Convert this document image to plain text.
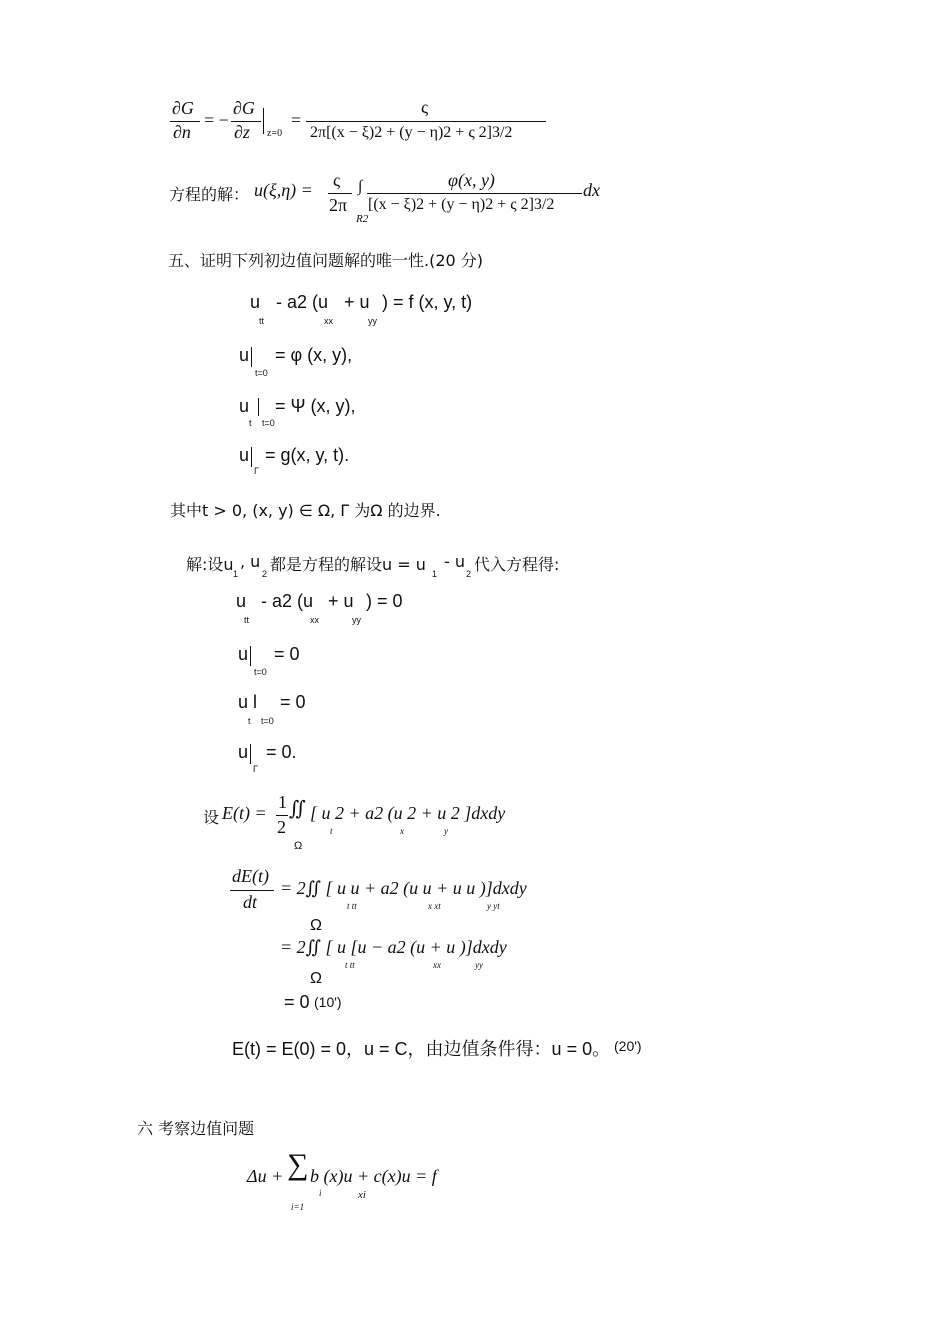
∂G
∂n
= −
∂G
∂z z=0
=
ς
2π[(x − ξ)2 + (y − η)2 + ς 2]3/2
方程的解： u(ξ,η) = ς
2π
∫
R2
φ(x, y)
[(x − ξ)2 + (y − η)2 + ς 2]3/2
dx
五、证明下列初边值问题解的唯一性.(20 分)
u - a2 (u + u ) = f (x, y, t)
tt	xx	yy
u = φ (x, y),
t=0
u = Ψ (x, y),
t t=0
u = g(x, y, t).
Γ
其中t > 0, (x, y) ∈ Ω, Γ 为Ω 的边界.
解:设u 1
, u
2 都是方程的解设u = u 1
- u
2 代入方程得:
u - a2 (u + u ) = 0
tt	xx	yy
u = 0
t=0
u l = 0
t t=0
u = 0.
Γ
设 E(t) =
1
2
∬ [ u 2 + a2 (u 2 + u 2 ]dxdy
t	x	y
Ω
dE(t)
dt
= 2∬ [ u u + a2 (u u + u u )]dxdy
t tt	x xt	y yt
Ω
= 2∬ [ u [u − a2 (u + u )]dxdy
t tt	xx	yy
Ω
= 0 (10')
E(t) = E(0) = 0，u = C，由边值条件得：u = 0。 (20')
六 考察边值问题
Δu + ∑ b (x)u + c(x)u = f
i	xi
i=1
